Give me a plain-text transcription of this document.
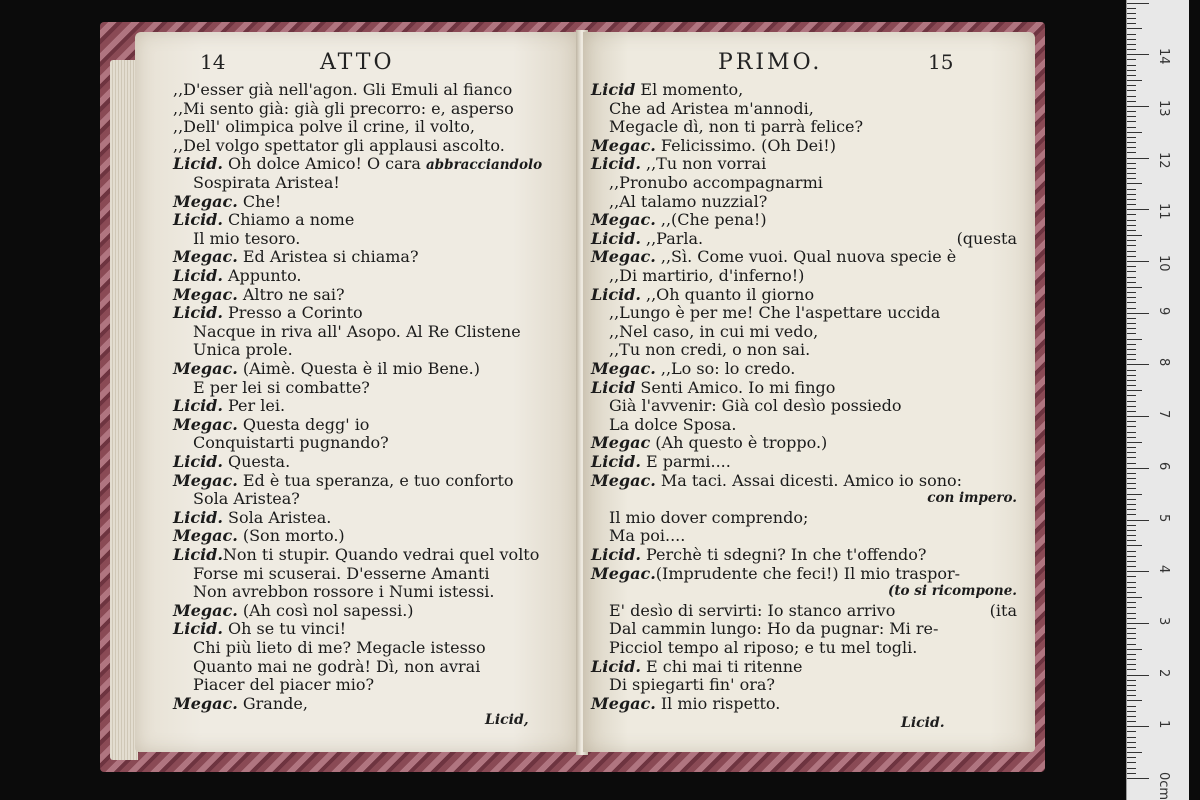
14	ATTO
,,D'esser già nell'agon. Gli Emuli al fianco
,,Mi sento già: già gli precorro: e, asperso
,,Dell' olimpica polve il crine, il volto,
,,Del volgo spettator gli applausi ascolto.
Licid. Oh dolce Amico! O cara abbracciandolo
Sospirata Aristea!
Megac. Che!
Licid. Chiamo a nome
Il mio tesoro.
Megac. Ed Aristea si chiama?
Licid. Appunto.
Megac. Altro ne sai?
Licid. Presso a Corinto
Nacque in riva all' Asopo. Al Re Clistene
Unica prole.
Megac. (Aimè. Questa è il mio Bene.)
E per lei si combatte?
Licid. Per lei.
Megac. Questa degg' io
Conquistarti pugnando?
Licid. Questa.
Megac. Ed è tua speranza, e tuo conforto
Sola Aristea?
Licid. Sola Aristea.
Megac. (Son morto.)
Licid.Non ti stupir. Quando vedrai quel volto
Forse mi scuserai. D'esserne Amanti
Non avrebbon rossore i Numi istessi.
Megac. (Ah così nol sapessi.)
Licid. Oh se tu vinci!
Chi più lieto di me? Megacle istesso
Quanto mai ne godrà! Dì, non avrai
Piacer del piacer mio?
Megac. Grande,
Licid,
PRIMO.	15
Licid El momento,
Che ad Aristea m'annodi,
Megacle dì, non ti parrà felice?
Megac. Felicissimo. (Oh Dei!)
Licid. ,,Tu non vorrai
,,Pronubo accompagnarmi
,,Al talamo nuzzial?
Megac. ,,(Che pena!)
Licid. ,,Parla.	(questa
Megac. ,,Sì. Come vuoi. Qual nuova specie è
,,Di martirio, d'inferno!)
Licid. ,,Oh quanto il giorno
,,Lungo è per me! Che l'aspettare uccida
,,Nel caso, in cui mi vedo,
,,Tu non credi, o non sai.
Megac. ,,Lo so: lo credo.
Licid Senti Amico. Io mi fingo
Già l'avvenir: Già col desìo possiedo
La dolce Sposa.
Megac (Ah questo è troppo.)
Licid. E parmi....
Megac. Ma taci. Assai dicesti. Amico io sono:
con impero.
Il mio dover comprendo;
Ma poi....
Licid. Perchè ti sdegni? In che t'offendo?
Megac.(Imprudente che feci!) Il mio traspor-
(to si ricompone.
E' desìo di servirti: Io stanco arrivo	(ita
Dal cammin lungo: Ho da pugnar: Mi re-
Picciol tempo al riposo; e tu mel togli.
Licid. E chi mai ti ritenne
Di spiegarti fin' ora?
Megac. Il mio rispetto.
Licid.
0cm
1
2
3
4
5
6
7
8
9
10
11
12
13
14
